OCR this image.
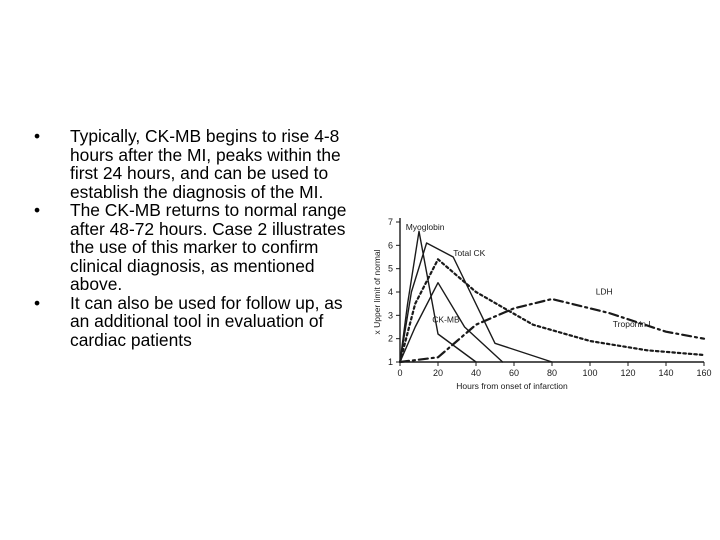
• Typically, CK-MB begins to rise 4-8 hours after the MI, peaks within the first 24 hours, and can be used to establish the diagnosis of the MI.
• The CK-MB returns to normal range after 48-72 hours. Case 2 illustrates the use of this marker to confirm clinical diagnosis, as mentioned above.
• It can also be used for follow up, as an additional tool in evaluation of cardiac patients
0	20	40	60	80	100	120	140	160
1
2
3
4
5
6
7
Hours from onset of infarction
x Upper limit of normal
Myoglobin
Total CK
CK-MB	Troponin I
LDH
